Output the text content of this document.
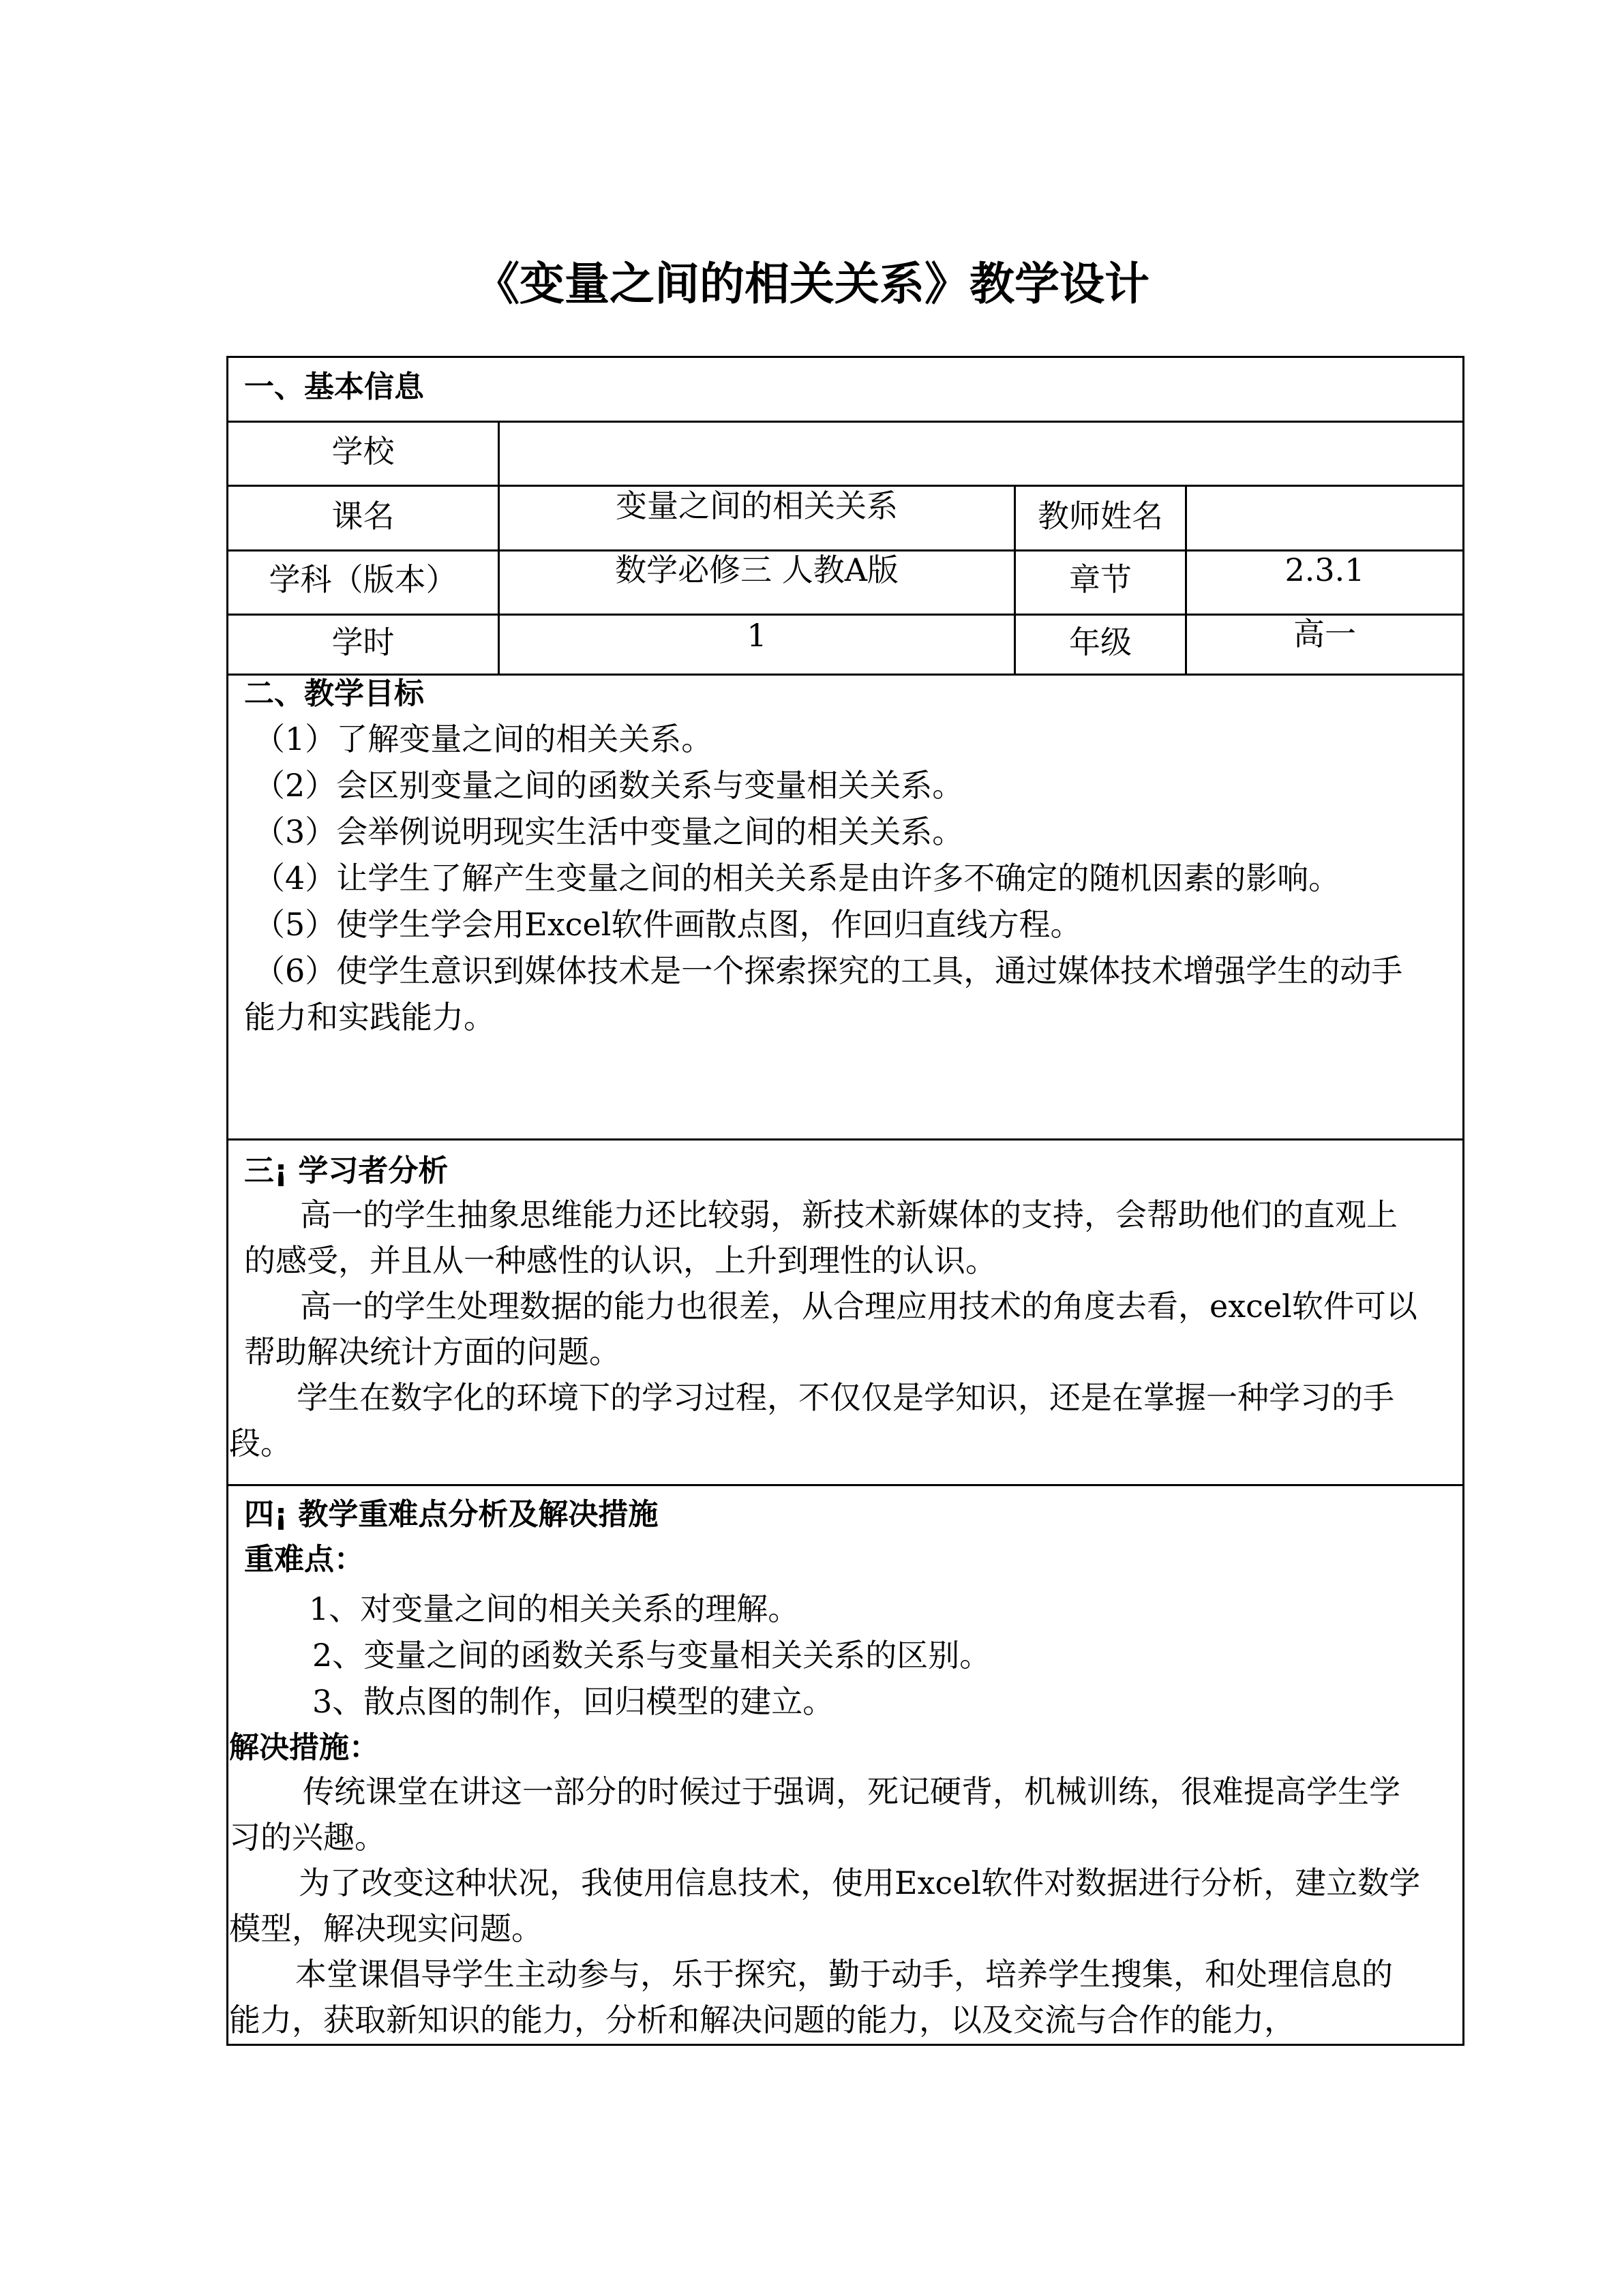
《变量之间的相关关系》教学设计
一、基本信息
学校
课名	变量之间的相关关系	教师姓名
学科（版本）	数学必修三 人教A版	章节	2.3.1
学时	1	年级	高一
二、教学目标
（1）了解变量之间的相关关系。
（2）会区别变量之间的函数关系与变量相关关系。
（3）会举例说明现实生活中变量之间的相关关系。
（4）让学生了解产生变量之间的相关关系是由许多不确定的随机因素的影响。
（5）使学生学会用Excel软件画散点图，作回归直线方程。
（6）使学生意识到媒体技术是一个探索探究的工具，通过媒体技术增强学生的动手
能力和实践能力。
三¡ 学习者分析
高一的学生抽象思维能力还比较弱，新技术新媒体的支持，会帮助他们的直观上
的感受，并且从一种感性的认识，上升到理性的认识。
高一的学生处理数据的能力也很差，从合理应用技术的角度去看，excel软件可以
帮助解决统计方面的问题。
学生在数字化的环境下的学习过程，不仅仅是学知识，还是在掌握一种学习的手
段。
四¡ 教学重难点分析及解决措施
重难点：
1、对变量之间的相关关系的理解。
2、变量之间的函数关系与变量相关关系的区别。
3、散点图的制作，回归模型的建立。
解决措施：
传统课堂在讲这一部分的时候过于强调，死记硬背，机械训练，很难提高学生学
习的兴趣。
为了改变这种状况，我使用信息技术，使用Excel软件对数据进行分析，建立数学
模型，解决现实问题。
本堂课倡导学生主动参与，乐于探究，勤于动手，培养学生搜集，和处理信息的
能力，获取新知识的能力，分析和解决问题的能力，以及交流与合作的能力，
